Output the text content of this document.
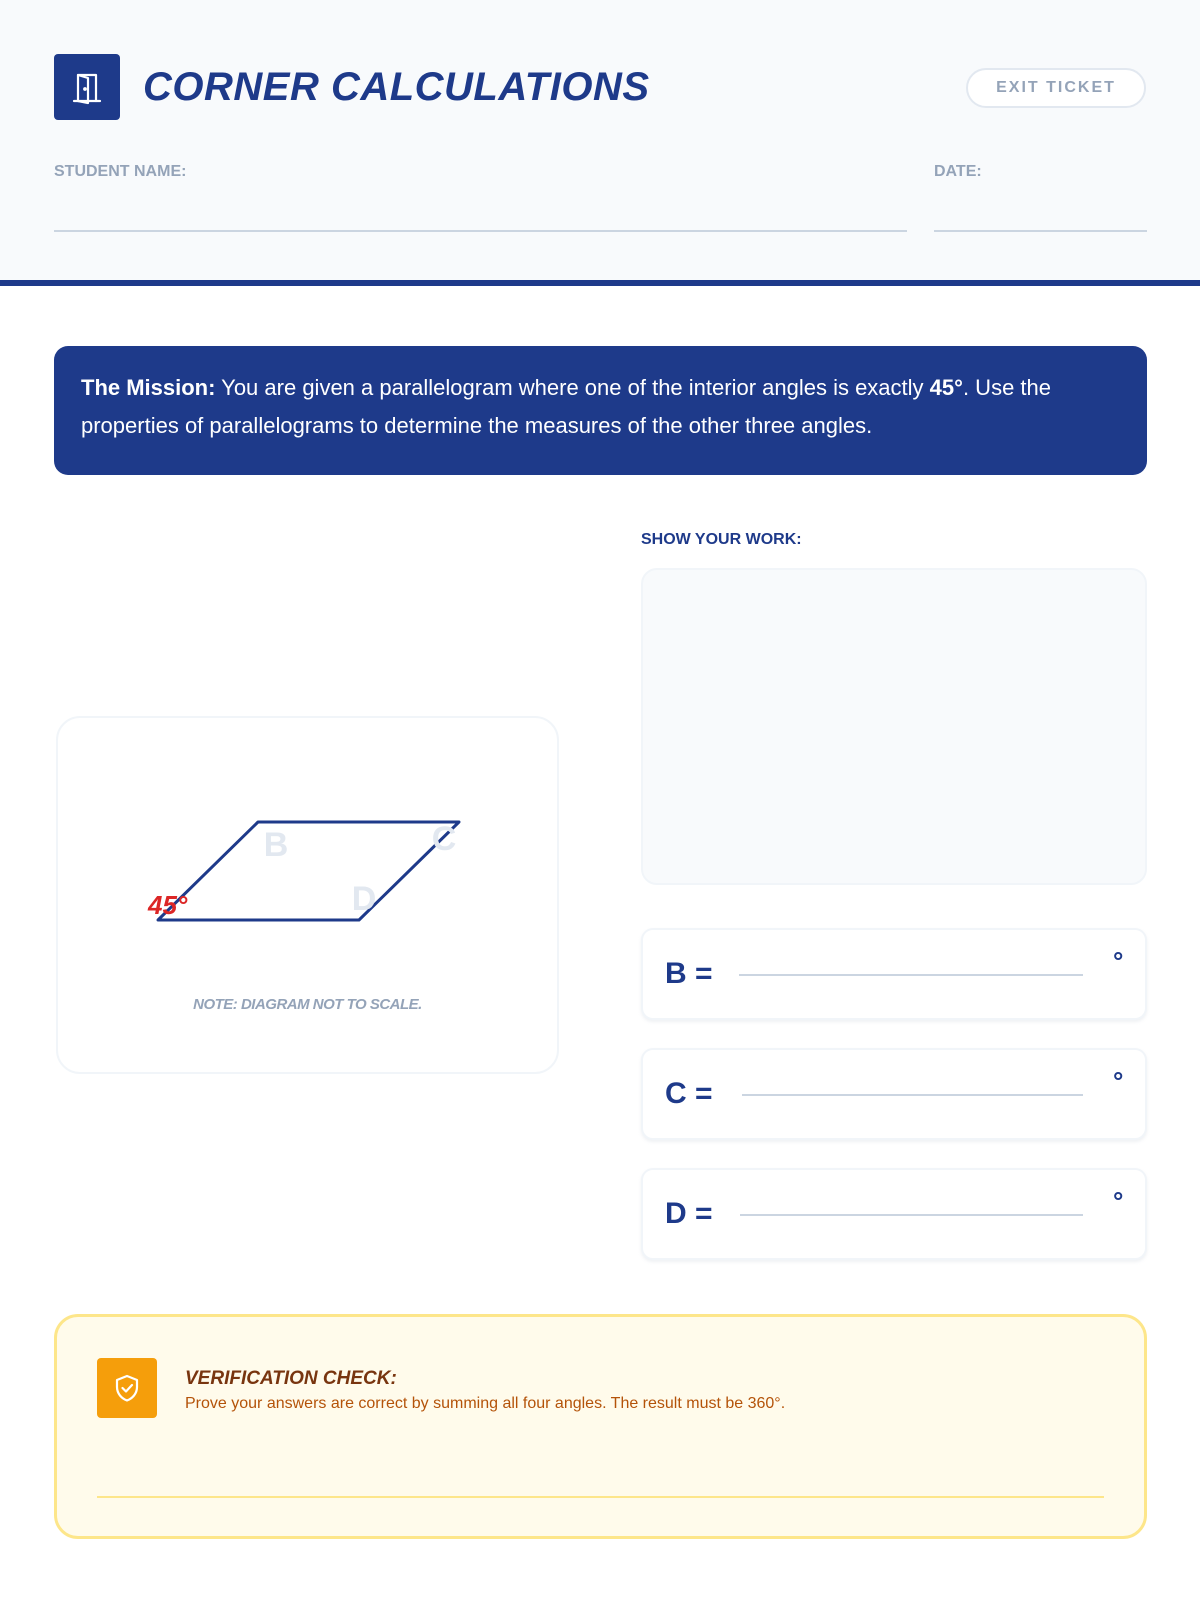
CORNER CALCULATIONS	EXIT TICKET
STUDENT NAME:	DATE:
The Mission: You are given a parallelogram where one of the interior angles is exactly 45°. Use the properties of parallelograms to determine the measures of the other three angles.
B	C
D
45°
NOTE: DIAGRAM NOT TO SCALE.
SHOW YOUR WORK:
B =	°
C =	°
D =	°
VERIFICATION CHECK:
Prove your answers are correct by summing all four angles. The result must be 360°.
